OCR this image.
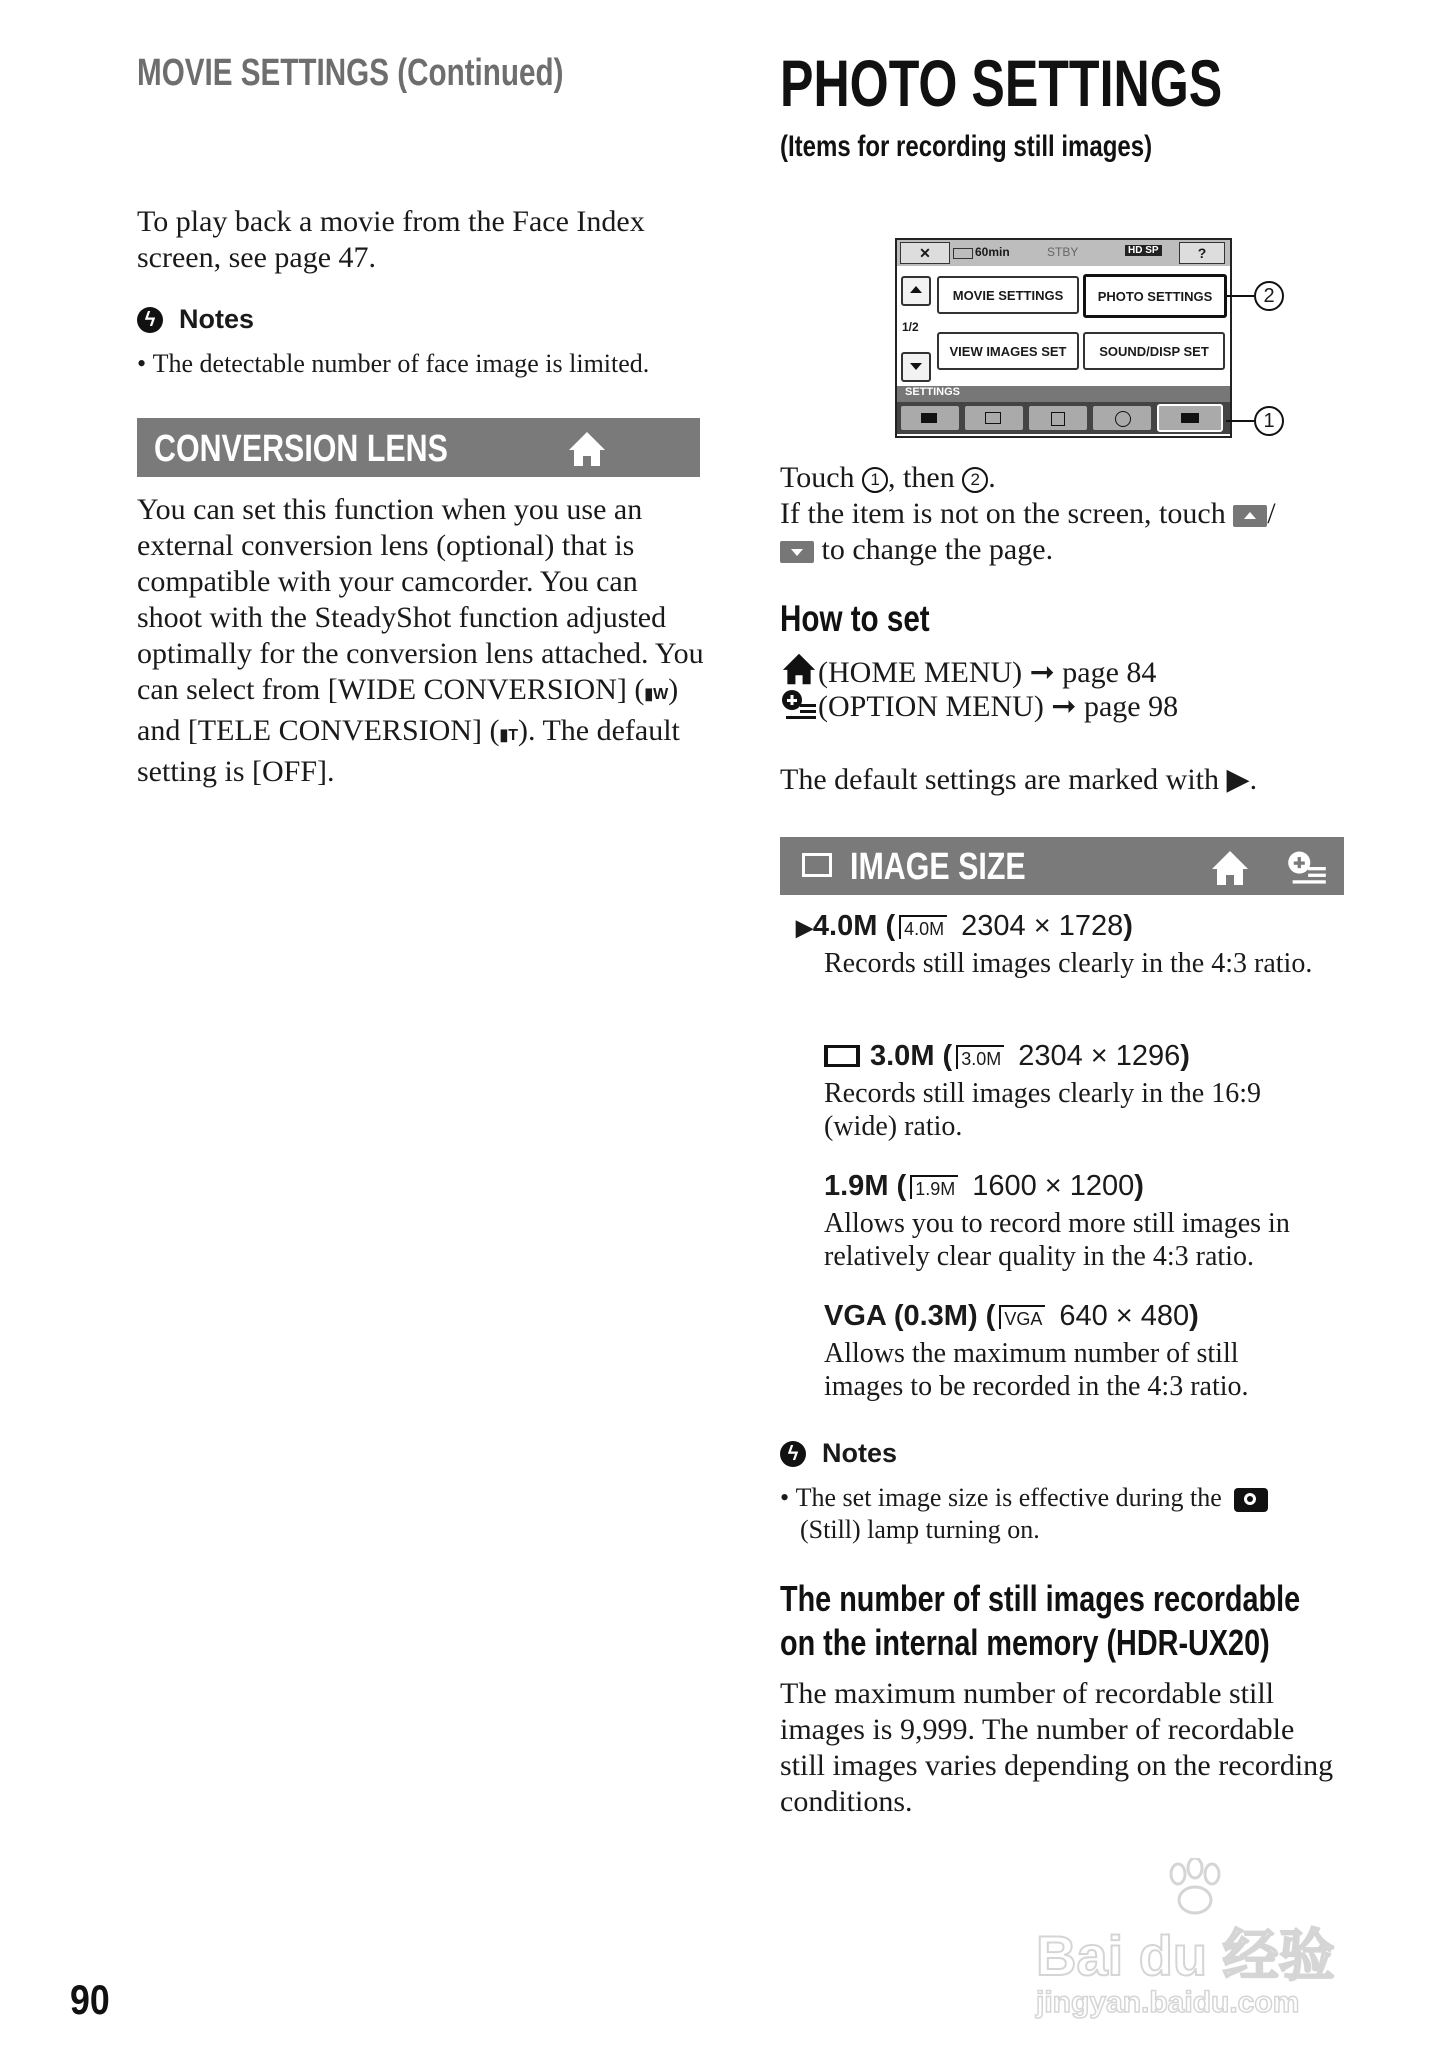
MOVIE SETTINGS (Continued)
To play back a movie from the Face Index screen, see page 47.
ϟ Notes
• The detectable number of face image is limited.
CONVERSION LENS
You can set this function when you use an external conversion lens (optional) that is compatible with your camcorder. You can shoot with the SteadyShot function adjusted optimally for the conversion lens attached. You can select from [WIDE CONVERSION] (▮W) and [TELE CONVERSION] (▮T). The default setting is [OFF].
PHOTO SETTINGS
(Items for recording still images)
✕	60min	STBY	HD SP	?
1/2
MOVIE SETTINGS	PHOTO SETTINGS
VIEW IMAGES SET	SOUND/DISP SET
SETTINGS
2
1
Touch 1 , then 2 .
If the item is not on the screen, touch /
to change the page.
How to set
(HOME MENU) ➞ page 84
(OPTION MENU) ➞ page 98
The default settings are marked with ▶.
IMAGE SIZE
▶4.0M ( 4.0M 2304 × 1728)
Records still images clearly in the 4:3 ratio.
3.0M ( 3.0M 2304 × 1296)
Records still images clearly in the 16:9 (wide) ratio.
1.9M ( 1.9M 1600 × 1200)
Allows you to record more still images in relatively clear quality in the 4:3 ratio.
VGA (0.3M) ( VGA 640 × 480)
Allows the maximum number of still images to be recorded in the 4:3 ratio.
ϟ Notes
• The set image size is effective during the
(Still) lamp turning on.
The number of still images recordable
on the internal memory (HDR-UX20)
The maximum number of recordable still images is 9,999. The number of recordable still images varies depending on the recording conditions.
90
Bai du 经验
jingyan.baidu.com
